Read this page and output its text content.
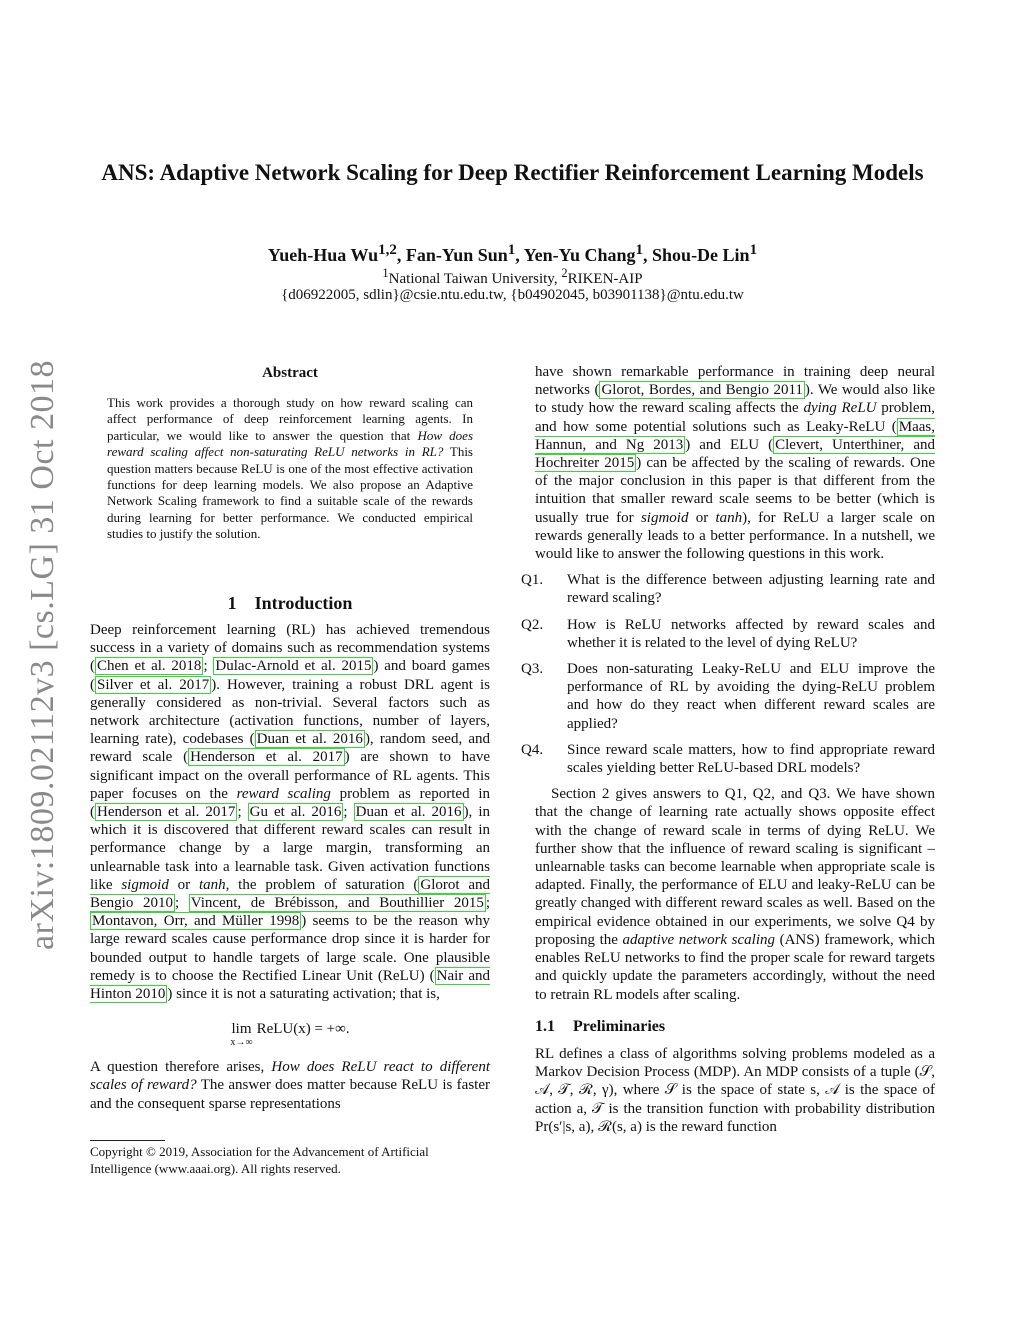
arXiv:1809.02112v3 [cs.LG] 31 Oct 2018
ANS: Adaptive Network Scaling for Deep Rectifier Reinforcement Learning Models
Yueh-Hua Wu$^{1,2}$, Fan-Yun Sun$^1$, Yen-Yu Chang$^1$, Shou-De Lin$^1$
$^1$National Taiwan University, $^2$RIKEN-AIP
{d06922005, sdlin}@csie.ntu.edu.tw, {b04902045, b03901138}@ntu.edu.tw
Abstract
This work provides a thorough study on how reward scaling can affect performance of deep reinforcement learning agents. In particular, we would like to answer the question that How does reward scaling affect non-saturating ReLU networks in RL? This question matters because ReLU is one of the most effective activation functions for deep learning models. We also propose an Adaptive Network Scaling framework to find a suitable scale of the rewards during learning for better performance. We conducted empirical studies to justify the solution.
1 Introduction

Deep reinforcement learning (RL) has achieved tremendous success in a variety of domains such as recommendation systems ( Chen et al. 2018 ; Dulac-Arnold et al. 2015 ) and board games ( Silver et al. 2017 ). However, training a robust DRL agent is generally considered as non-trivial. Several factors such as network architecture (activation functions, number of layers, learning rate), codebases ( Duan et al. 2016 ), random seed, and reward scale ( Henderson et al. 2017 ) are shown to have significant impact on the overall performance of RL agents. This paper focuses on the reward scaling problem as reported in ( Henderson et al. 2017 ; Gu et al. 2016 ; Duan et al. 2016 ), in which it is discovered that different reward scales can result in performance change by a large margin, transforming an unlearnable task into a learnable task. Given activation functions like sigmoid or tanh, the problem of saturation ( Glorot and Bengio 2010 ; Vincent, de Brébisson, and Bouthillier 2015 ; Montavon, Orr, and Müller 1998 ) seems to be the reason why large reward scales cause performance drop since it is harder for bounded output to handle targets of large scale. One plausible remedy is to choose the Rectified Linear Unit (ReLU) ( Nair and Hinton 2010 ) since it is not a saturating activation; that is,

lim
x→∞
ReLU(x) = +∞.

A question therefore arises, How does ReLU react to different scales of reward? The answer does matter because ReLU is faster and the consequent sparse representations

Copyright © 2019, Association for the Advancement of Artificial Intelligence (www.aaai.org). All rights reserved.

have shown remarkable performance in training deep neural networks ( Glorot, Bordes, and Bengio 2011 ). We would also like to study how the reward scaling affects the dying ReLU problem, and how some potential solutions such as Leaky-ReLU ( Maas, Hannun, and Ng 2013 ) and ELU ( Clevert, Unterthiner, and Hochreiter 2015 ) can be affected by the scaling of rewards. One of the major conclusion in this paper is that different from the intuition that smaller reward scale seems to be better (which is usually true for sigmoid or tanh), for ReLU a larger scale on rewards generally leads to a better performance. In a nutshell, we would like to answer the following questions in this work.

Q1. What is the difference between adjusting learning rate and reward scaling?
Q2. How is ReLU networks affected by reward scales and whether it is related to the level of dying ReLU?
Q3. Does non-saturating Leaky-ReLU and ELU improve the performance of RL by avoiding the dying-ReLU problem and how do they react when different reward scales are applied?
Q4. Since reward scale matters, how to find appropriate reward scales yielding better ReLU-based DRL models?

Section 2 gives answers to Q1, Q2, and Q3. We have shown that the change of learning rate actually shows opposite effect with the change of reward scale in terms of dying ReLU. We further show that the influence of reward scaling is significant – unlearnable tasks can become learnable when appropriate scale is adapted. Finally, the performance of ELU and leaky-ReLU can be greatly changed with different reward scales as well. Based on the empirical evidence obtained in our experiments, we solve Q4 by proposing the adaptive network scaling (ANS) framework, which enables ReLU networks to find the proper scale for reward targets and quickly update the parameters accordingly, without the need to retrain RL models after scaling.

1.1 Preliminaries

RL defines a class of algorithms solving problems modeled as a Markov Decision Process (MDP). An MDP consists of a tuple (𝒮, 𝒜, 𝒯, ℛ, γ), where 𝒮 is the space of state s, 𝒜 is the space of action a, 𝒯 is the transition function with probability distribution Pr(s′|s, a), ℛ(s, a) is the reward function
